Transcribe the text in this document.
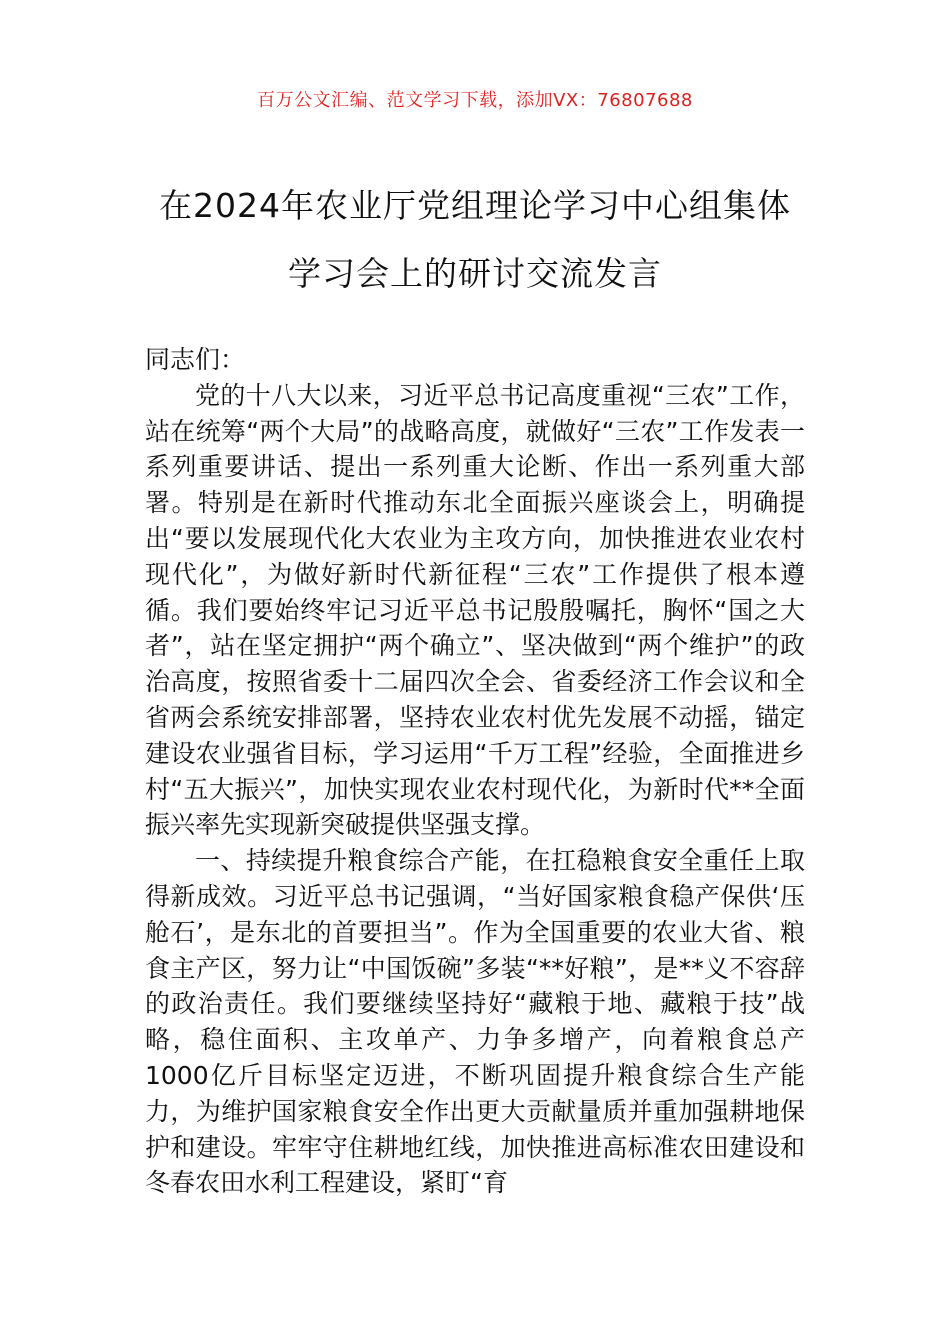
百万公文汇编、范文学习下载，添加VX：76807688
在2024年农业厅党组理论学习中心组集体
学习会上的研讨交流发言

同志们：

党的十八大以来，习近平总书记高度重视“三农”工作，站在统筹“两个大局”的战略高度，就做好“三农”工作发表一系列重要讲话、提出一系列重大论断、作出一系列重大部署。特别是在新时代推动东北全面振兴座谈会上，明确提出“要以发展现代化大农业为主攻方向，加快推进农业农村现代化”，为做好新时代新征程“三农”工作提供了根本遵循。我们要始终牢记习近平总书记殷殷嘱托，胸怀“国之大者”，站在坚定拥护“两个确立”、坚决做到“两个维护”的政治高度，按照省委十二届四次全会、省委经济工作会议和全省两会系统安排部署，坚持农业农村优先发展不动摇，锚定建设农业强省目标，学习运用“千万工程”经验，全面推进乡村“五大振兴”，加快实现农业农村现代化，为新时代**全面振兴率先实现新突破提供坚强支撑。

一、持续提升粮食综合产能，在扛稳粮食安全重任上取得新成效。习近平总书记强调，“当好国家粮食稳产保供‘压舱石’，是东北的首要担当”。作为全国重要的农业大省、粮食主产区，努力让“中国饭碗”多装“**好粮”，是**义不容辞的政治责任。我们要继续坚持好“藏粮于地、藏粮于技”战略，稳住面积、主攻单产、力争多增产，向着粮食总产1000亿斤目标坚定迈进，不断巩固提升粮食综合生产能力，为维护国家粮食安全作出更大贡献量质并重加强耕地保护和建设。牢牢守住耕地红线，加快推进高标准农田建设和冬春农田水利工程建设，紧盯“育
